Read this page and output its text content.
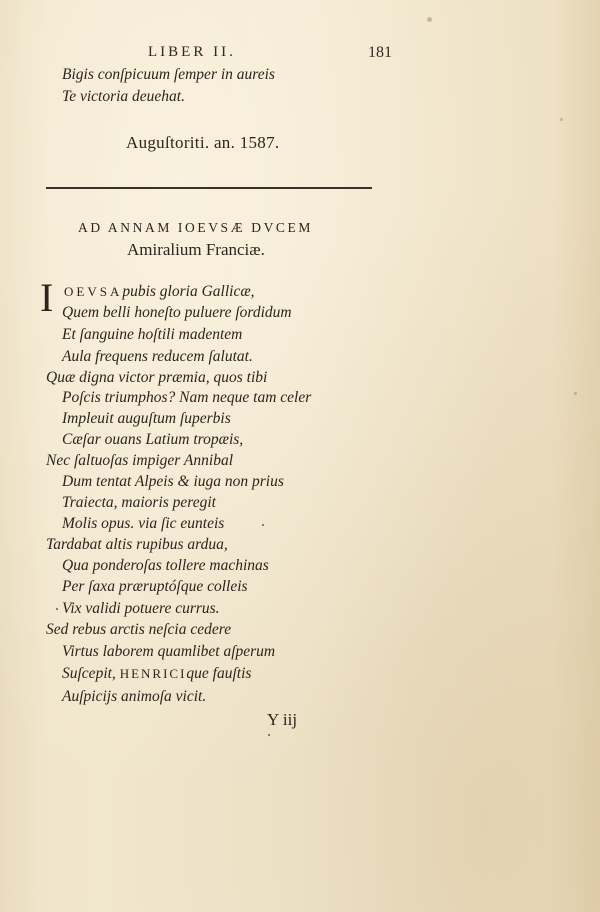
LIBER II.	181

Bigis conſpicuum ſemper in aureis

Te victoria deuehat.

Auguſtoriti. an. 1587.
AD ANNAM IOEVSÆ DVCEM
Amiralium Franciæ.
I OEVSApubis gloria Gallicæ,

Quem belli honeſto puluere ſordidum

Et ſanguine hoſtili madentem

Aula frequens reducem ſalutat.

Quæ digna victor præmia, quos tibi

Poſcis triumphos? Nam neque tam celer

Impleuit auguſtum ſuperbis

Cæſar ouans Latium tropæis,

Nec ſaltuoſas impiger Annibal

Dum tentat Alpeis & iuga non prius

Traiecta, maioris peregit

Molis opus. via ſic eunteis

Tardabat altis rupibus ardua,

Qua ponderoſas tollere machinas

Per ſaxa præruptóſque colleis

Vix validi potuere currus.

Sed rebus arctis neſcia cedere

Virtus laborem quamlibet aſperum

Suſcepit, HENRICIque fauſtis

Auſpicijs animoſa vicit.

Y iij
